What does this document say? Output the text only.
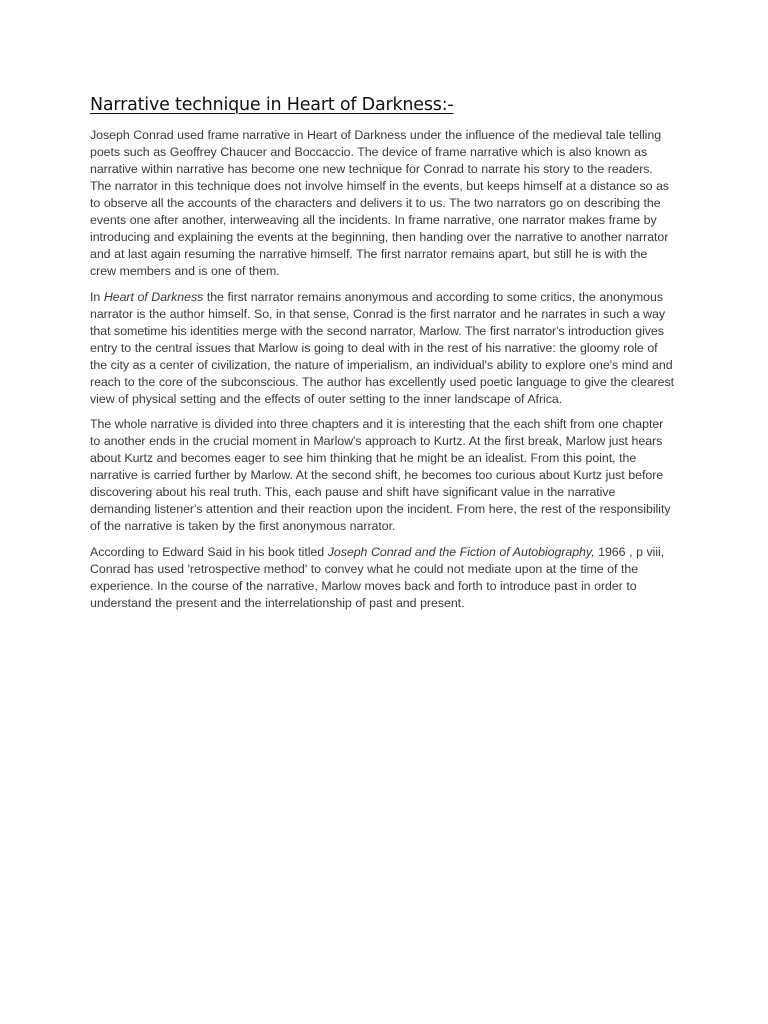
Narrative technique in Heart of Darkness:-

Joseph Conrad used frame narrative in Heart of Darkness under the influence of the medieval tale telling poets such as Geoffrey Chaucer and Boccaccio. The device of frame narrative which is also known as narrative within narrative has become one new technique for Conrad to narrate his story to the readers. The narrator in this technique does not involve himself in the events, but keeps himself at a distance so as to observe all the accounts of the characters and delivers it to us. The two narrators go on describing the events one after another, interweaving all the incidents. In frame narrative, one narrator makes frame by introducing and explaining the events at the beginning, then handing over the narrative to another narrator and at last again resuming the narrative himself. The first narrator remains apart, but still he is with the crew members and is one of them.

In Heart of Darkness the first narrator remains anonymous and according to some critics, the anonymous narrator is the author himself. So, in that sense, Conrad is the first narrator and he narrates in such a way that sometime his identities merge with the second narrator, Marlow. The first narrator's introduction gives entry to the central issues that Marlow is going to deal with in the rest of his narrative: the gloomy role of the city as a center of civilization, the nature of imperialism, an individual's ability to explore one's mind and reach to the core of the subconscious. The author has excellently used poetic language to give the clearest view of physical setting and the effects of outer setting to the inner landscape of Africa.

The whole narrative is divided into three chapters and it is interesting that the each shift from one chapter to another ends in the crucial moment in Marlow's approach to Kurtz. At the first break, Marlow just hears about Kurtz and becomes eager to see him thinking that he might be an idealist. From this point, the narrative is carried further by Marlow. At the second shift, he becomes too curious about Kurtz just before discovering about his real truth. This, each pause and shift have significant value in the narrative demanding listener's attention and their reaction upon the incident. From here, the rest of the responsibility of the narrative is taken by the first anonymous narrator.

According to Edward Said in his book titled Joseph Conrad and the Fiction of Autobiography, 1966 , p viii, Conrad has used 'retrospective method' to convey what he could not mediate upon at the time of the experience. In the course of the narrative, Marlow moves back and forth to introduce past in order to understand the present and the interrelationship of past and present.
